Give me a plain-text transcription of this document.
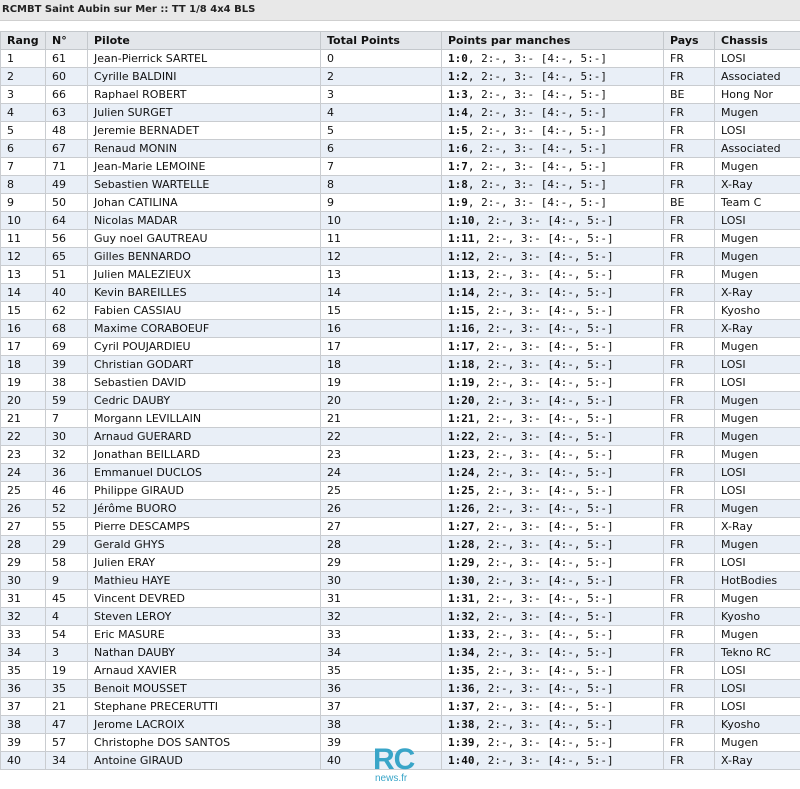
RCMBT Saint Aubin sur Mer :: TT 1/8 4x4 BLS
Rang	N°	Pilote	Total Points	Points par manches	Pays	Chassis
1	61	Jean-Pierrick SARTEL	0	1:0, 2:-, 3:- [4:-, 5:-]	FR	LOSI
2	60	Cyrille BALDINI	2	1:2, 2:-, 3:- [4:-, 5:-]	FR	Associated
3	66	Raphael ROBERT	3	1:3, 2:-, 3:- [4:-, 5:-]	BE	Hong Nor
4	63	Julien SURGET	4	1:4, 2:-, 3:- [4:-, 5:-]	FR	Mugen
5	48	Jeremie BERNADET	5	1:5, 2:-, 3:- [4:-, 5:-]	FR	LOSI
6	67	Renaud MONIN	6	1:6, 2:-, 3:- [4:-, 5:-]	FR	Associated
7	71	Jean-Marie LEMOINE	7	1:7, 2:-, 3:- [4:-, 5:-]	FR	Mugen
8	49	Sebastien WARTELLE	8	1:8, 2:-, 3:- [4:-, 5:-]	FR	X-Ray
9	50	Johan CATILINA	9	1:9, 2:-, 3:- [4:-, 5:-]	BE	Team C
10	64	Nicolas MADAR	10	1:10, 2:-, 3:- [4:-, 5:-]	FR	LOSI
11	56	Guy noel GAUTREAU	11	1:11, 2:-, 3:- [4:-, 5:-]	FR	Mugen
12	65	Gilles BENNARDO	12	1:12, 2:-, 3:- [4:-, 5:-]	FR	Mugen
13	51	Julien MALEZIEUX	13	1:13, 2:-, 3:- [4:-, 5:-]	FR	Mugen
14	40	Kevin BAREILLES	14	1:14, 2:-, 3:- [4:-, 5:-]	FR	X-Ray
15	62	Fabien CASSIAU	15	1:15, 2:-, 3:- [4:-, 5:-]	FR	Kyosho
16	68	Maxime CORABOEUF	16	1:16, 2:-, 3:- [4:-, 5:-]	FR	X-Ray
17	69	Cyril POUJARDIEU	17	1:17, 2:-, 3:- [4:-, 5:-]	FR	Mugen
18	39	Christian GODART	18	1:18, 2:-, 3:- [4:-, 5:-]	FR	LOSI
19	38	Sebastien DAVID	19	1:19, 2:-, 3:- [4:-, 5:-]	FR	LOSI
20	59	Cedric DAUBY	20	1:20, 2:-, 3:- [4:-, 5:-]	FR	Mugen
21	7	Morgann LEVILLAIN	21	1:21, 2:-, 3:- [4:-, 5:-]	FR	Mugen
22	30	Arnaud GUERARD	22	1:22, 2:-, 3:- [4:-, 5:-]	FR	Mugen
23	32	Jonathan BEILLARD	23	1:23, 2:-, 3:- [4:-, 5:-]	FR	Mugen
24	36	Emmanuel DUCLOS	24	1:24, 2:-, 3:- [4:-, 5:-]	FR	LOSI
25	46	Philippe GIRAUD	25	1:25, 2:-, 3:- [4:-, 5:-]	FR	LOSI
26	52	Jérôme BUORO	26	1:26, 2:-, 3:- [4:-, 5:-]	FR	Mugen
27	55	Pierre DESCAMPS	27	1:27, 2:-, 3:- [4:-, 5:-]	FR	X-Ray
28	29	Gerald GHYS	28	1:28, 2:-, 3:- [4:-, 5:-]	FR	Mugen
29	58	Julien ERAY	29	1:29, 2:-, 3:- [4:-, 5:-]	FR	LOSI
30	9	Mathieu HAYE	30	1:30, 2:-, 3:- [4:-, 5:-]	FR	HotBodies
31	45	Vincent DEVRED	31	1:31, 2:-, 3:- [4:-, 5:-]	FR	Mugen
32	4	Steven LEROY	32	1:32, 2:-, 3:- [4:-, 5:-]	FR	Kyosho
33	54	Eric MASURE	33	1:33, 2:-, 3:- [4:-, 5:-]	FR	Mugen
34	3	Nathan DAUBY	34	1:34, 2:-, 3:- [4:-, 5:-]	FR	Tekno RC
35	19	Arnaud XAVIER	35	1:35, 2:-, 3:- [4:-, 5:-]	FR	LOSI
36	35	Benoit MOUSSET	36	1:36, 2:-, 3:- [4:-, 5:-]	FR	LOSI
37	21	Stephane PRECERUTTI	37	1:37, 2:-, 3:- [4:-, 5:-]	FR	LOSI
38	47	Jerome LACROIX	38	1:38, 2:-, 3:- [4:-, 5:-]	FR	Kyosho
39	57	Christophe DOS SANTOS	39	1:39, 2:-, 3:- [4:-, 5:-]	FR	Mugen
40	34	Antoine GIRAUD	40	1:40, 2:-, 3:- [4:-, 5:-]	FR	X-Ray
RC
news.fr
